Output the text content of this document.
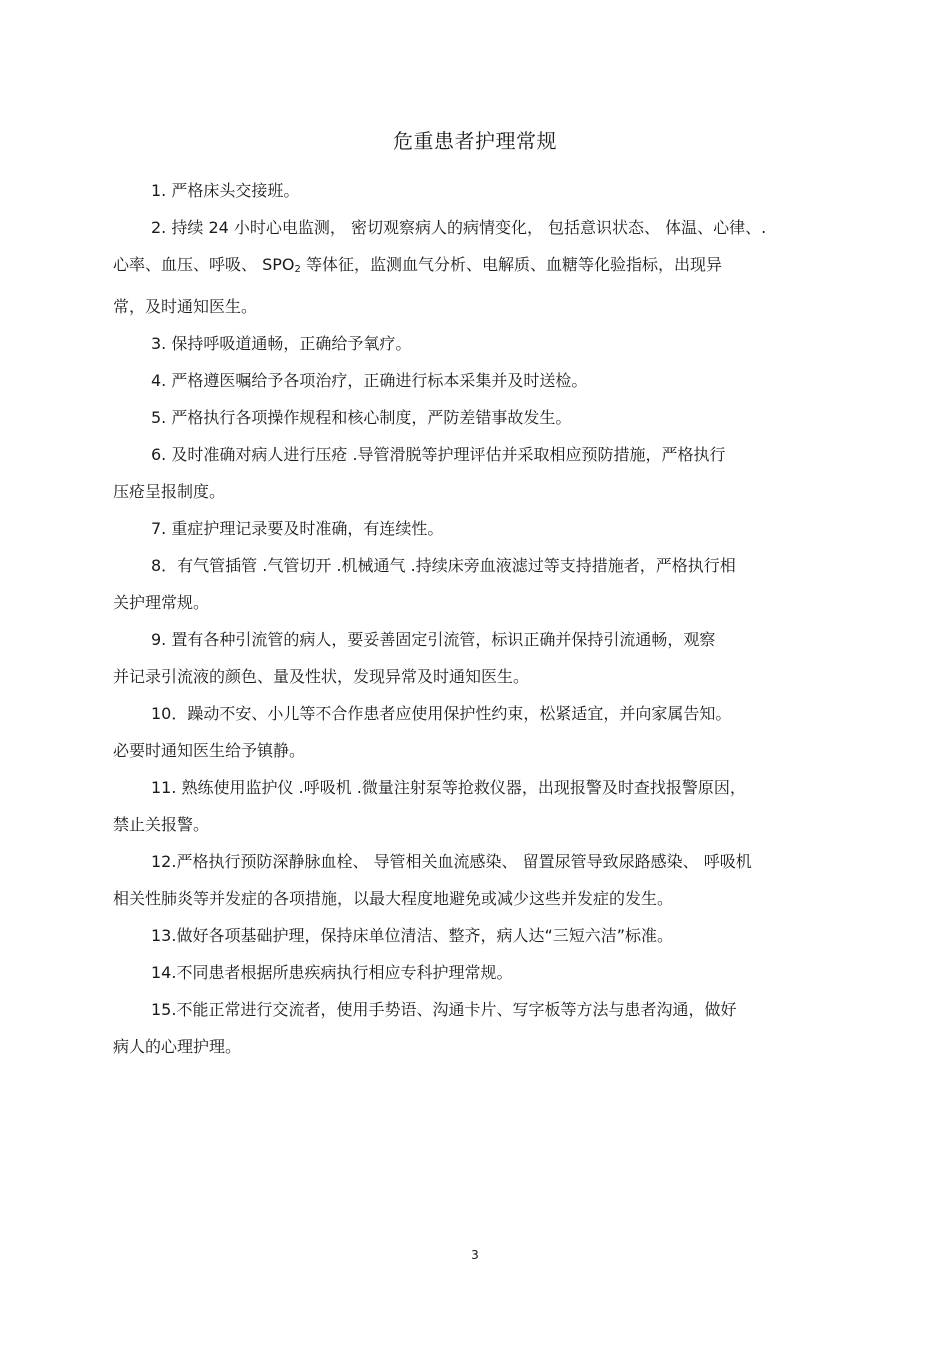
危重患者护理常规
1. 严格床头交接班。
2. 持续 24 小时心电监测， 密切观察病人的病情变化， 包括意识状态、 体温、心律、.
心率、血压、呼吸、 $SPO_2$ 等体征，监测血气分析、电解质、血糖等化验指标，出现异
常，及时通知医生。
3. 保持呼吸道通畅，正确给予氧疗。
4. 严格遵医嘱给予各项治疗，正确进行标本采集并及时送检。
5. 严格执行各项操作规程和核心制度，严防差错事故发生。
6. 及时准确对病人进行压疮 .导管滑脱等护理评估并采取相应预防措施，严格执行
压疮呈报制度。
7. 重症护理记录要及时准确，有连续性。
8．有气管插管 .气管切开 .机械通气 .持续床旁血液滤过等支持措施者，严格执行相
关护理常规。
9. 置有各种引流管的病人，要妥善固定引流管，标识正确并保持引流通畅，观察
并记录引流液的颜色、量及性状，发现异常及时通知医生。
10．躁动不安、小儿等不合作患者应使用保护性约束，松紧适宜，并向家属告知。
必要时通知医生给予镇静。
11. 熟练使用监护仪 .呼吸机 .微量注射泵等抢救仪器，出现报警及时查找报警原因，
禁止关报警。
12.严格执行预防深静脉血栓、 导管相关血流感染、 留置尿管导致尿路感染、 呼吸机
相关性肺炎等并发症的各项措施，以最大程度地避免或减少这些并发症的发生。
13.做好各项基础护理，保持床单位清洁、整齐，病人达“三短六洁”标准。
14.不同患者根据所患疾病执行相应专科护理常规。
15.不能正常进行交流者，使用手势语、沟通卡片、写字板等方法与患者沟通，做好
病人的心理护理。
3
